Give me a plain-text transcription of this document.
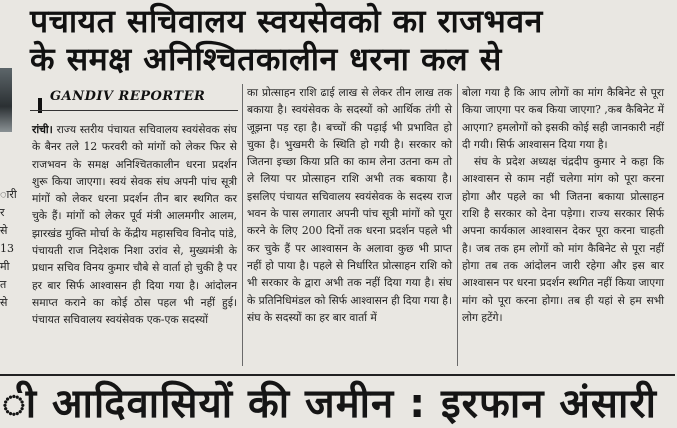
ारी र से 13 मी त से
पचायत सचिवालय स्वयसेवको का राजभवन
के समक्ष अनिश्चितकालीन धरना कल से
GANDIV REPORTER

रांची। राज्य स्तरीय पंचायत सचिवालय स्वयंसेवक संघ के बैनर तले 12 फरवरी को मांगों को लेकर फिर से राजभवन के समक्ष अनिश्चितकालीन धरना प्रदर्शन शुरू किया जाएगा। स्वयं सेवक संघ अपनी पांच सूत्री मांगों को लेकर धरना प्रदर्शन तीन बार स्थगित कर चुके हैं। मांगों को लेकर पूर्व मंत्री आलमगीर आलम, झारखंड मुक्ति मोर्चा के केंद्रीय महासचिव विनोद पांडे, पंचायती राज निदेशक निशा उरांव से, मुख्यमंत्री के प्रधान सचिव विनय कुमार चौबे से वार्ता हो चुकी है पर हर बार सिर्फ आश्वासन ही दिया गया है। आंदोलन समाप्त कराने का कोई ठोस पहल भी नहीं हुई। पंचायत सचिवालय स्वयंसेवक एक-एक सदस्यों

का प्रोत्साहन राशि ढाई लाख से लेकर तीन लाख तक बकाया है। स्वयंसेवक के सदस्यों को आर्थिक तंगी से जूझना पड़ रहा है। बच्चों की पढ़ाई भी प्रभावित हो चुका है। भुखमरी के स्थिति हो गयी है। सरकार को जितना इच्छा किया प्रति का काम लेना उतना कम तो ले लिया पर प्रोत्साहन राशि अभी तक बकाया है। इसलिए पंचायत सचिवालय स्वयंसेवक के सदस्य राज भवन के पास लगातार अपनी पांच सूत्री मांगों को पूरा करने के लिए 200 दिनों तक धरना प्रदर्शन पहले भी कर चुके हैं पर आश्वासन के अलावा कुछ भी प्राप्त नहीं हो पाया है। पहले से निर्धारित प्रोत्साहन राशि को भी सरकार के द्वारा अभी तक नहीं दिया गया है। संघ के प्रतिनिधिमंडल को सिर्फ आश्वासन ही दिया गया है। संघ के सदस्यों का हर बार वार्ता में

बोला गया है कि आप लोगों का मांग कैबिनेट से पूरा किया जाएगा पर कब किया जाएगा? ,कब कैबिनेट में आएगा? हमलोगों को इसकी कोई सही जानकारी नहीं दी गयी। सिर्फ आश्वासन दिया गया है।

संघ के प्रदेश अध्यक्ष चंद्रदीप कुमार ने कहा कि आश्वासन से काम नहीं चलेगा मांग को पूरा करना होगा और पहले का भी जितना बकाया प्रोत्साहन राशि है सरकार को देना पड़ेगा। राज्य सरकार सिर्फ अपना कार्यकाल आश्वासन देकर पूरा करना चाहती है। जब तक हम लोगों को मांग कैबिनेट से पूरा नहीं होगा तब तक आंदोलन जारी रहेगा और इस बार आश्वासन पर धरना प्रदर्शन स्थगित नहीं किया जाएगा मांग को पूरा करना होगा। तब ही यहां से हम सभी लोग हटेंगे।

ी आदिवासियों की जमीन : इरफान अंसारी
